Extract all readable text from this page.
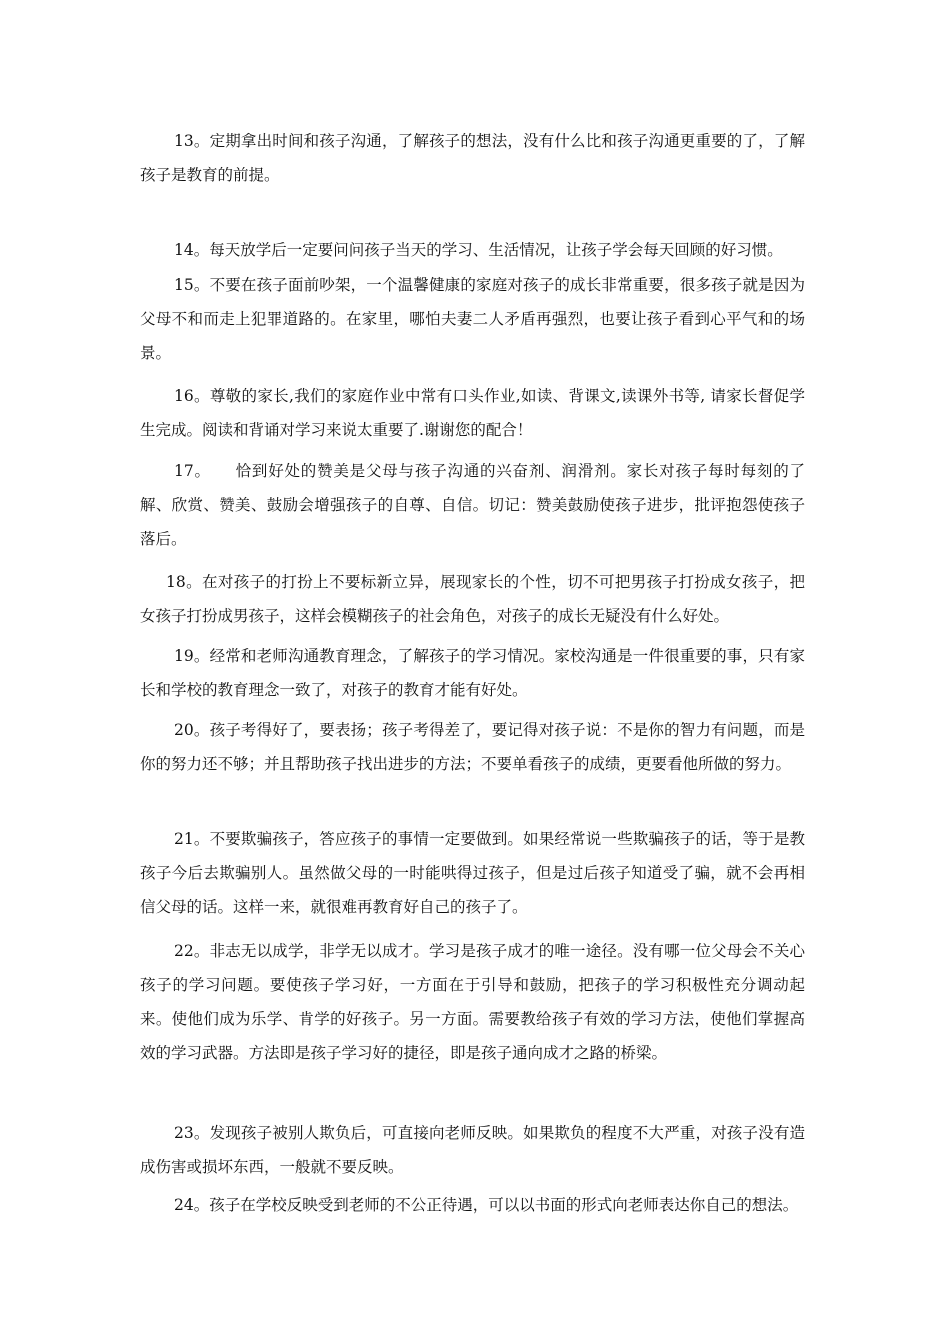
13。定期拿出时间和孩子沟通，了解孩子的想法，没有什么比和孩子沟通更重要的了，了解孩子是教育的前提。

14。每天放学后一定要问问孩子当天的学习、生活情况，让孩子学会每天回顾的好习惯。

15。不要在孩子面前吵架，一个温馨健康的家庭对孩子的成长非常重要，很多孩子就是因为父母不和而走上犯罪道路的。在家里，哪怕夫妻二人矛盾再强烈，也要让孩子看到心平气和的场景。

16。尊敬的家长,我们的家庭作业中常有口头作业,如读、背课文,读课外书等, 请家长督促学生完成。阅读和背诵对学习来说太重要了.谢谢您的配合！

17。　　恰到好处的赞美是父母与孩子沟通的兴奋剂、润滑剂。家长对孩子每时每刻的了解、欣赏、赞美、鼓励会增强孩子的自尊、自信。切记：赞美鼓励使孩子进步，批评抱怨使孩子落后。

18。在对孩子的打扮上不要标新立异，展现家长的个性，切不可把男孩子打扮成女孩子，把女孩子打扮成男孩子，这样会模糊孩子的社会角色，对孩子的成长无疑没有什么好处。

19。经常和老师沟通教育理念，了解孩子的学习情况。家校沟通是一件很重要的事，只有家长和学校的教育理念一致了，对孩子的教育才能有好处。

20。孩子考得好了，要表扬；孩子考得差了，要记得对孩子说：不是你的智力有问题，而是你的努力还不够；并且帮助孩子找出进步的方法；不要单看孩子的成绩，更要看他所做的努力。

21。不要欺骗孩子，答应孩子的事情一定要做到。如果经常说一些欺骗孩子的话，等于是教孩子今后去欺骗别人。虽然做父母的一时能哄得过孩子，但是过后孩子知道受了骗，就不会再相信父母的话。这样一来，就很难再教育好自己的孩子了。

22。非志无以成学，非学无以成才。学习是孩子成才的唯一途径。没有哪一位父母会不关心孩子的学习问题。要使孩子学习好，一方面在于引导和鼓励，把孩子的学习积极性充分调动起来。使他们成为乐学、肯学的好孩子。另一方面。需要教给孩子有效的学习方法，使他们掌握高效的学习武器。方法即是孩子学习好的捷径，即是孩子通向成才之路的桥梁。

23。发现孩子被别人欺负后，可直接向老师反映。如果欺负的程度不大严重，对孩子没有造成伤害或损坏东西，一般就不要反映。

24。孩子在学校反映受到老师的不公正待遇，可以以书面的形式向老师表达你自己的想法。
